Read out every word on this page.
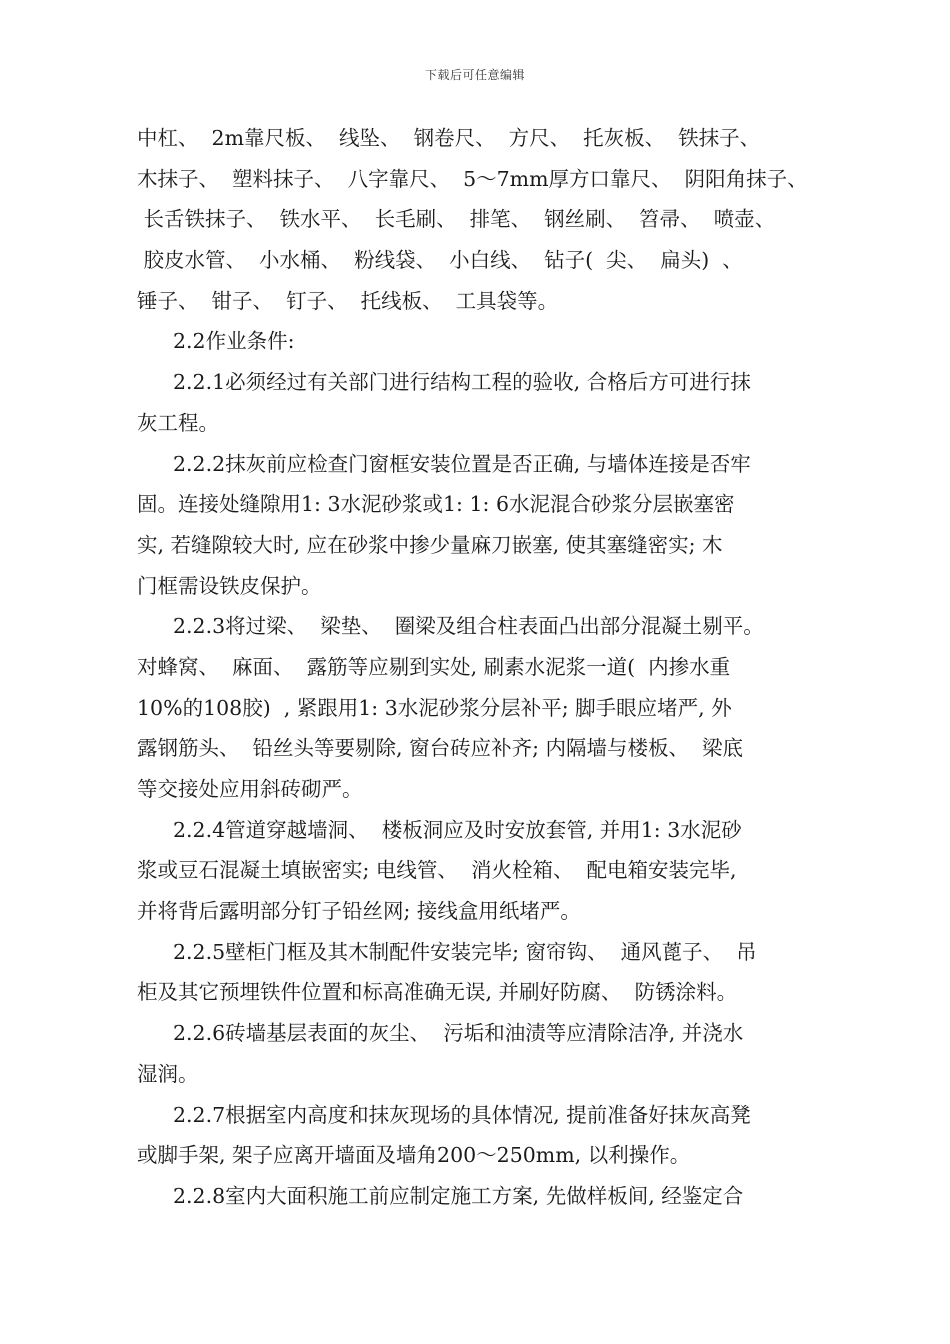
下载后可任意编辑
中杠、  2m靠尺板、  线坠、  钢卷尺、  方尺、  托灰板、  铁抹子、
木抹子、  塑料抹子、  八字靠尺、  5～7mm厚方口靠尺、  阴阳角抹子、
长舌铁抹子、  铁水平、  长毛刷、  排笔、  钢丝刷、  笤帚、  喷壶、
胶皮水管、  小水桶、  粉线袋、  小白线、  钻子(  尖、  扁头)  、
锤子、  钳子、  钉子、  托线板、  工具袋等。
2.2作业条件:
2.2.1必须经过有关部门进行结构工程的验收, 合格后方可进行抹
灰工程。
2.2.2抹灰前应检查门窗框安装位置是否正确, 与墙体连接是否牢
固。连接处缝隙用1: 3水泥砂浆或1: 1: 6水泥混合砂浆分层嵌塞密
实, 若缝隙较大时, 应在砂浆中掺少量麻刀嵌塞, 使其塞缝密实; 木
门框需设铁皮保护。
2.2.3将过梁、  梁垫、  圈梁及组合柱表面凸出部分混凝土剔平。
对蜂窝、  麻面、  露筋等应剔到实处, 刷素水泥浆一道(  内掺水重
10%的108胶)  , 紧跟用1: 3水泥砂浆分层补平; 脚手眼应堵严, 外
露钢筋头、  铅丝头等要剔除, 窗台砖应补齐; 内隔墙与楼板、  梁底
等交接处应用斜砖砌严。
2.2.4管道穿越墙洞、  楼板洞应及时安放套管, 并用1: 3水泥砂
浆或豆石混凝土填嵌密实; 电线管、  消火栓箱、  配电箱安装完毕,
并将背后露明部分钉子铅丝网; 接线盒用纸堵严。
2.2.5壁柜门框及其木制配件安装完毕; 窗帘钩、  通风蓖子、  吊
柜及其它预埋铁件位置和标高准确无误, 并刷好防腐、  防锈涂料。
2.2.6砖墙基层表面的灰尘、  污垢和油渍等应清除洁净, 并浇水
湿润。
2.2.7根据室内高度和抹灰现场的具体情况, 提前准备好抹灰高凳
或脚手架, 架子应离开墙面及墙角200～250mm, 以利操作。
2.2.8室内大面积施工前应制定施工方案, 先做样板间, 经鉴定合
